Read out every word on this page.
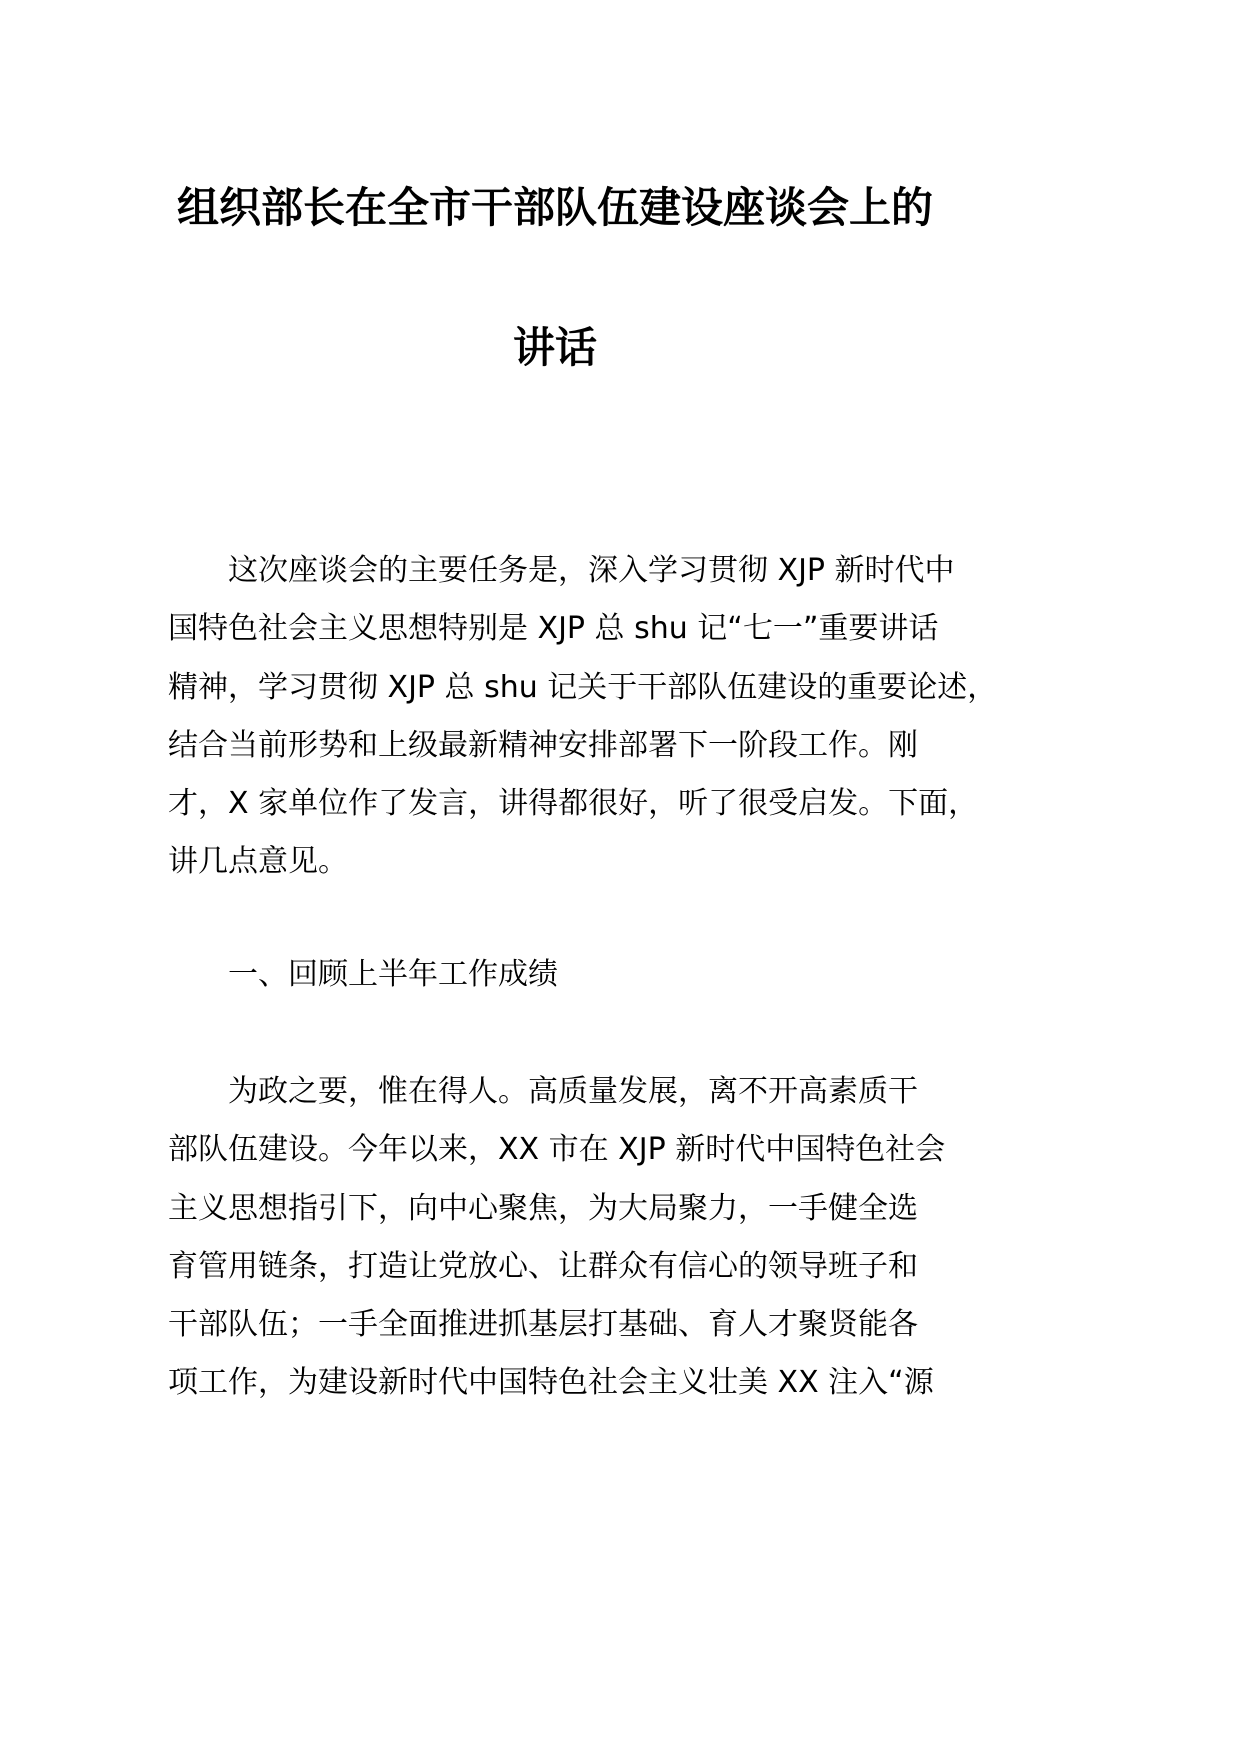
组织部长在全市干部队伍建设座谈会上的
讲话
这次座谈会的主要任务是，深入学习贯彻 XJP 新时代中
国特色社会主义思想特别是 XJP 总 shu 记“七一”重要讲话
精神，学习贯彻 XJP 总 shu 记关于干部队伍建设的重要论述，
结合当前形势和上级最新精神安排部署下一阶段工作。刚
才，X 家单位作了发言，讲得都很好，听了很受启发。下面，
讲几点意见。
一、回顾上半年工作成绩
为政之要，惟在得人。高质量发展，离不开高素质干
部队伍建设。今年以来，XX 市在 XJP 新时代中国特色社会
主义思想指引下，向中心聚焦，为大局聚力，一手健全选
育管用链条，打造让党放心、让群众有信心的领导班子和
干部队伍；一手全面推进抓基层打基础、育人才聚贤能各
项工作，为建设新时代中国特色社会主义壮美 XX 注入“源
